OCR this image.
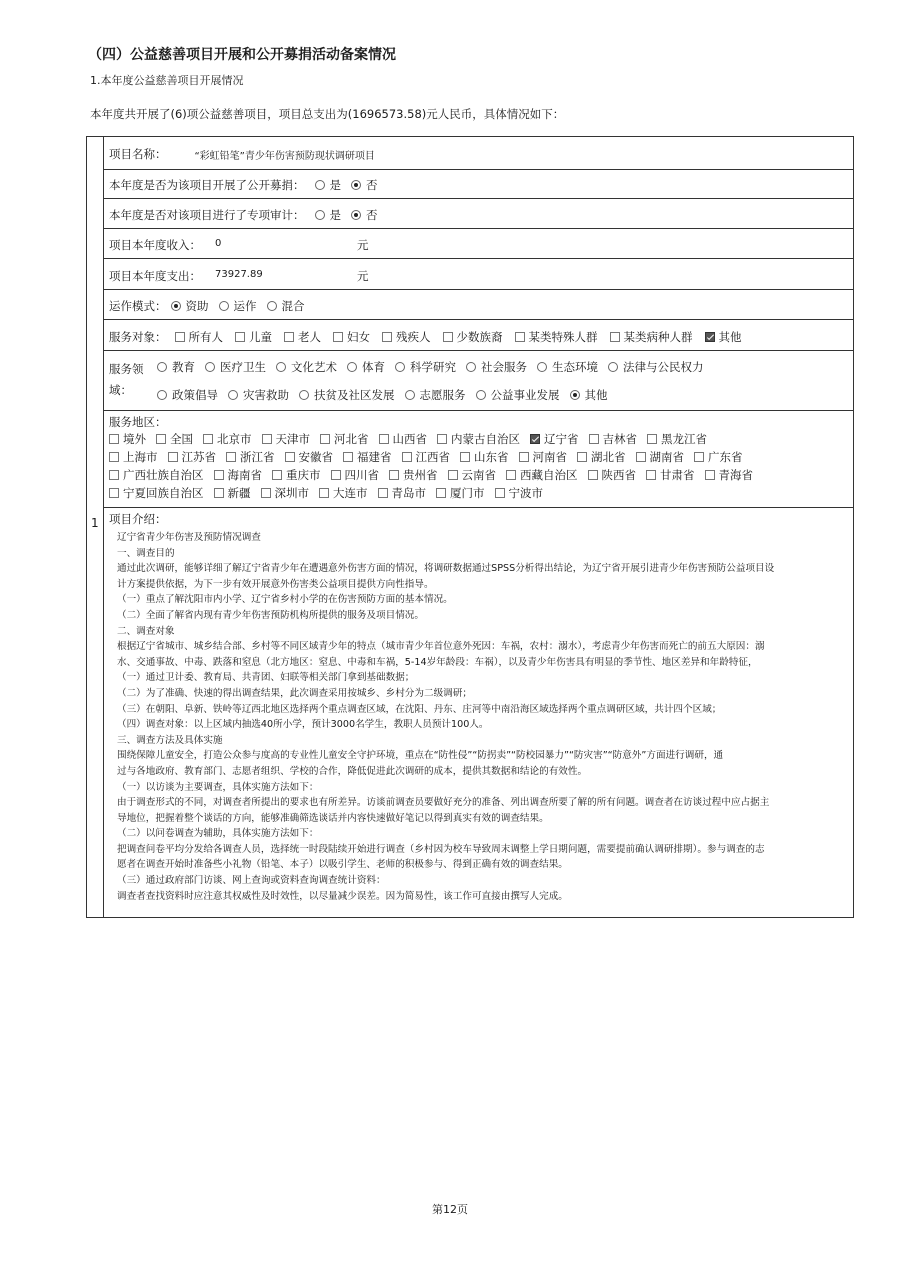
（四）公益慈善项目开展和公开募捐活动备案情况
1.本年度公益慈善项目开展情况
本年度共开展了(6)项公益慈善项目，项目总支出为(1696573.58)元人民币，具体情况如下：
1
项目名称：	“彩虹铅笔”青少年伤害预防现状调研项目
本年度是否为该项目开展了公开募捐： 是 否
本年度是否对该项目进行了专项审计： 是 否
项目本年度收入： 0	元
项目本年度支出： 73927.89	元
运作模式： 资助 运作 混合
服务对象： 所有人 儿童 老人 妇女 残疾人 少数族裔 某类特殊人群 某类病种人群 其他
服务领
域：
教育 医疗卫生 文化艺术 体育 科学研究 社会服务 生态环境 法律与公民权力
政策倡导 灾害救助 扶贫及社区发展 志愿服务 公益事业发展 其他
服务地区：
境外 全国 北京市 天津市 河北省 山西省 内蒙古自治区 辽宁省 吉林省 黑龙江省
上海市 江苏省 浙江省 安徽省 福建省 江西省 山东省 河南省 湖北省 湖南省 广东省
广西壮族自治区 海南省 重庆市 四川省 贵州省 云南省 西藏自治区 陕西省 甘肃省 青海省
宁夏回族自治区 新疆 深圳市 大连市 青岛市 厦门市 宁波市
项目介绍：

辽宁省青少年伤害及预防情况调查

一、调查目的

通过此次调研，能够详细了解辽宁省青少年在遭遇意外伤害方面的情况，将调研数据通过SPSS分析得出结论，为辽宁省开展引进青少年伤害预防公益项目设

计方案提供依据，为下一步有效开展意外伤害类公益项目提供方向性指导。

（一）重点了解沈阳市内小学、辽宁省乡村小学的在伤害预防方面的基本情况。

（二）全面了解省内现有青少年伤害预防机构所提供的服务及项目情况。

二、调查对象

根据辽宁省城市、城乡结合部、乡村等不同区域青少年的特点（城市青少年首位意外死因：车祸，农村：溺水），考虑青少年伤害而死亡的前五大原因：溺

水、交通事故、中毒、跌落和窒息（北方地区：窒息、中毒和车祸，5-14岁年龄段：车祸），以及青少年伤害具有明显的季节性、地区差异和年龄特征，

（一）通过卫计委、教育局、共青团、妇联等相关部门拿到基础数据；

（二）为了准确、快速的得出调查结果，此次调查采用按城乡、乡村分为二级调研；

（三）在朝阳、阜新、铁岭等辽西北地区选择两个重点调查区域，在沈阳、丹东、庄河等中南沿海区域选择两个重点调研区域，共计四个区域；

（四）调查对象：以上区域内抽选40所小学，预计3000名学生，教职人员预计100人。

三、调查方法及具体实施

围绕保障儿童安全，打造公众参与度高的专业性儿童安全守护环境，重点在“防性侵”“防拐卖”“防校园暴力”“防灾害”“防意外”方面进行调研，通

过与各地政府、教育部门、志愿者组织、学校的合作，降低促进此次调研的成本，提供其数据和结论的有效性。

（一）以访谈为主要调查，具体实施方法如下：

由于调查形式的不同，对调查者所提出的要求也有所差异。访谈前调查员要做好充分的准备、列出调查所要了解的所有问题。调查者在访谈过程中应占据主

导地位，把握着整个谈话的方向，能够准确筛选谈话并内容快速做好笔记以得到真实有效的调查结果。

（二）以问卷调查为辅助，具体实施方法如下：

把调查问卷平均分发给各调查人员，选择统一时段陆续开始进行调查（乡村因为校车导致周末调整上学日期问题，需要提前确认调研排期）。参与调查的志

愿者在调查开始时准备些小礼物（铅笔、本子）以吸引学生、老师的积极参与、得到正确有效的调查结果。

（三）通过政府部门访谈、网上查询或资料查询调查统计资料：

调查者查找资料时应注意其权威性及时效性，以尽量减少误差。因为简易性，该工作可直接由撰写人完成。

第12页
